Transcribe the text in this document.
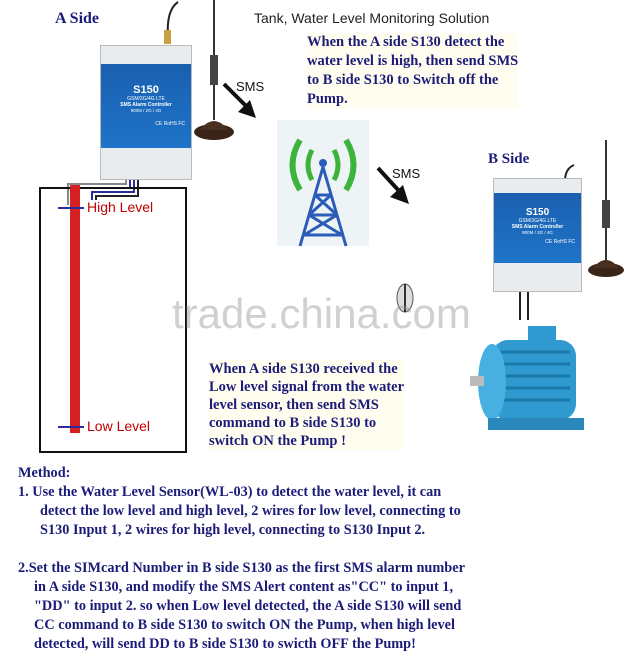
Tank, Water Level Monitoring Solution
A Side
S150
GSM/3G/4G LTE
SMS Alarm Controller
900M / 2G / 4G
CE RoHS FC
SMS
When the A side S130 detect the
water level is high, then send SMS
to B side S130 to Switch off the
Pump.
SMS
B Side
S150
GSM/3G/4G LTE
SMS Alarm Controller
900M / 2G / 4G
CE RoHS FC
High Level
Low Level
trade.china.com
When A side S130 received the
Low level signal from the water
level sensor, then send SMS
command to B side S130 to
switch ON the Pump !
Method:
1. Use the Water Level Sensor(WL-03) to detect the water level, it can
detect the low level and high level, 2 wires for low level, connecting to
S130 Input 1, 2 wires for high level, connecting to S130 Input 2.
2.Set the SIMcard Number in B side S130 as the first SMS alarm number
in A side S130, and modify the SMS Alert content as"CC" to input 1,
"DD" to input 2. so when Low level detected, the A side S130 will send
CC command to B side S130 to switch ON the Pump, when high level
detected, will send DD to B side S130 to swicth OFF the Pump!
